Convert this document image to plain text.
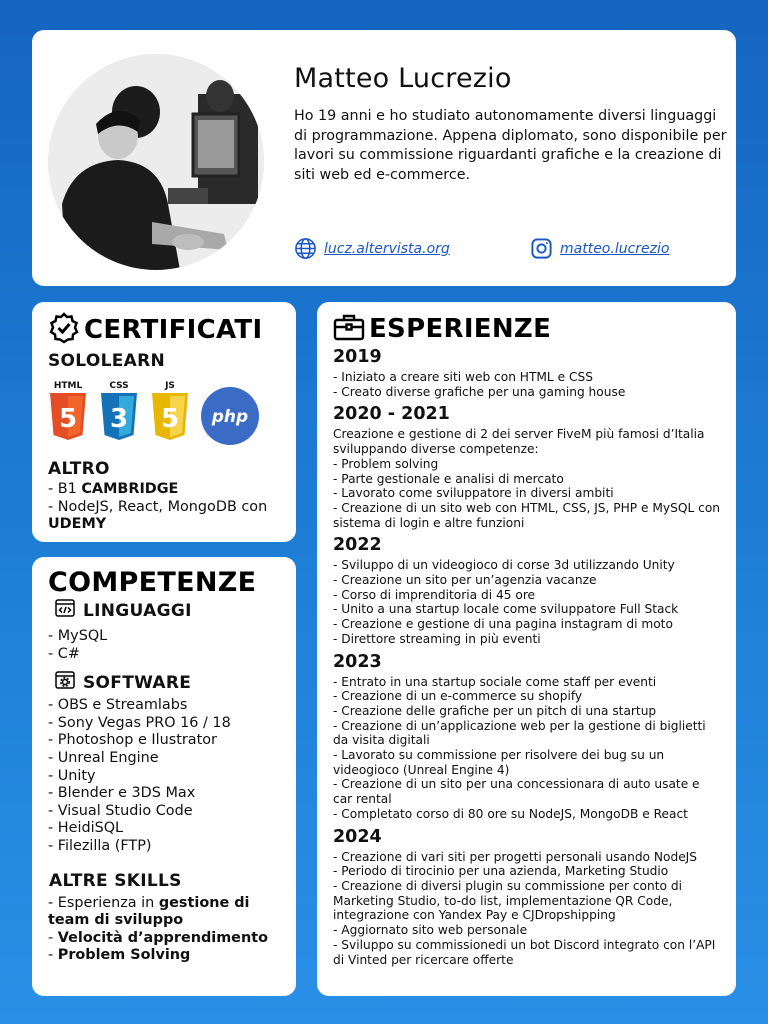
Matteo Lucrezio
Ho 19 anni e ho studiato autonomamente diversi linguaggi di programmazione. Appena diplomato, sono disponibile per lavori su commissione riguardanti grafiche e la creazione di siti web ed e-commerce.
lucz.altervista.org	matteo.lucrezio
CERTIFICATI
SOLOLEARN
HTML
5
CSS
3
JS
5 php
ALTRO
- B1 CAMBRIDGE
- NodeJS, React, MongoDB con UDEMY
COMPETENZE
LINGUAGGI
- MySQL
- C#
SOFTWARE
- OBS e Streamlabs
- Sony Vegas PRO 16 / 18
- Photoshop e Ilustrator
- Unreal Engine
- Unity
- Blender e 3DS Max
- Visual Studio Code
- HeidiSQL
- Filezilla (FTP)
ALTRE SKILLS
- Esperienza in gestione di team di sviluppo
- Velocità d’apprendimento
- Problem Solving
ESPERIENZE
2019
- Iniziato a creare siti web con HTML e CSS
- Creato diverse grafiche per una gaming house
2020 - 2021
Creazione e gestione di 2 dei server FiveM più famosi d’Italia sviluppando diverse competenze:
- Problem solving
- Parte gestionale e analisi di mercato
- Lavorato come sviluppatore in diversi ambiti
- Creazione di un sito web con HTML, CSS, JS, PHP e MySQL con sistema di login e altre funzioni
2022
- Sviluppo di un videogioco di corse 3d utilizzando Unity
- Creazione un sito per un’agenzia vacanze
- Corso di imprenditoria di 45 ore
- Unito a una startup locale come sviluppatore Full Stack
- Creazione e gestione di una pagina instagram di moto
- Direttore streaming in più eventi
2023
- Entrato in una startup sociale come staff per eventi
- Creazione di un e-commerce su shopify
- Creazione delle grafiche per un pitch di una startup
- Creazione di un’applicazione web per la gestione di biglietti da visita digitali
- Lavorato su commissione per risolvere dei bug su un videogioco (Unreal Engine 4)
- Creazione di un sito per una concessionara di auto usate e car rental
- Completato corso di 80 ore su NodeJS, MongoDB e React
2024
- Creazione di vari siti per progetti personali usando NodeJS
- Periodo di tirocinio per una azienda, Marketing Studio
- Creazione di diversi plugin su commissione per conto di Marketing Studio, to-do list, implementazione QR Code, integrazione con Yandex Pay e CJDropshipping
- Aggiornato sito web personale
- Sviluppo su commissionedi un bot Discord integrato con l’API di Vinted per ricercare offerte
